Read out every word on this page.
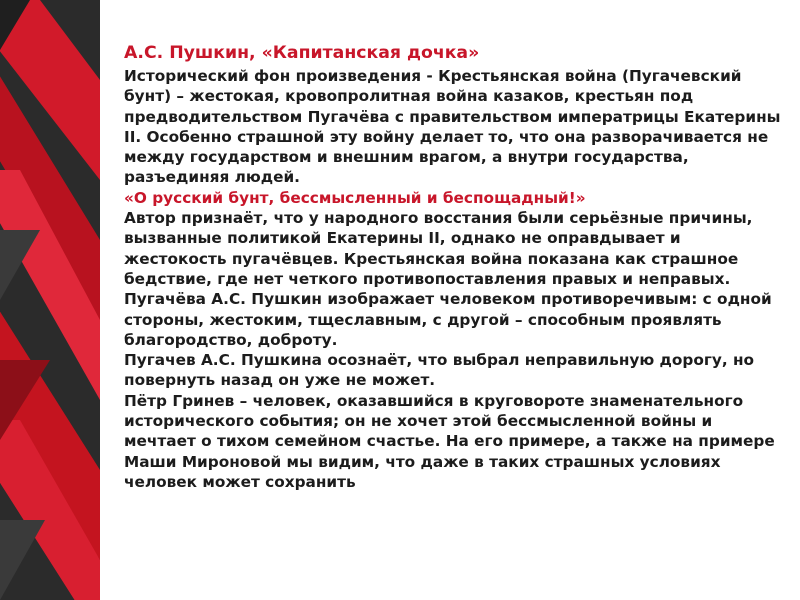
А.С. Пушкин, «Капитанская дочка»
Исторический фон произведения - Крестьянская война (Пугачевский бунт) – жестокая, кровопролитная война казаков, крестьян под предводительством Пугачёва с правительством императрицы Екатерины II. Особенно страшной эту войну делает то, что она разворачивается не между государством и внешним врагом, а внутри государства, разъединяя людей.
«О русский бунт, бессмысленный и беспощадный!»
Автор признаёт, что у народного восстания были серьёзные причины, вызванные политикой Екатерины II, однако не оправдывает и жестокость пугачёвцев. Крестьянская война показана как страшное бедствие, где нет четкого противопоставления правых и неправых.
Пугачёва А.С. Пушкин изображает человеком противоречивым: с одной стороны, жестоким, тщеславным, с другой – способным проявлять благородство, доброту.
Пугачев А.С. Пушкина осознаёт, что выбрал неправильную дорогу, но повернуть назад он уже не может.
Пётр Гринев – человек, оказавшийся в круговороте знаменательного исторического события; он не хочет этой бессмысленной войны и мечтает о тихом семейном счастье. На его примере, а также на примере Маши Мироновой мы видим, что даже в таких страшных условиях человек может сохранить
